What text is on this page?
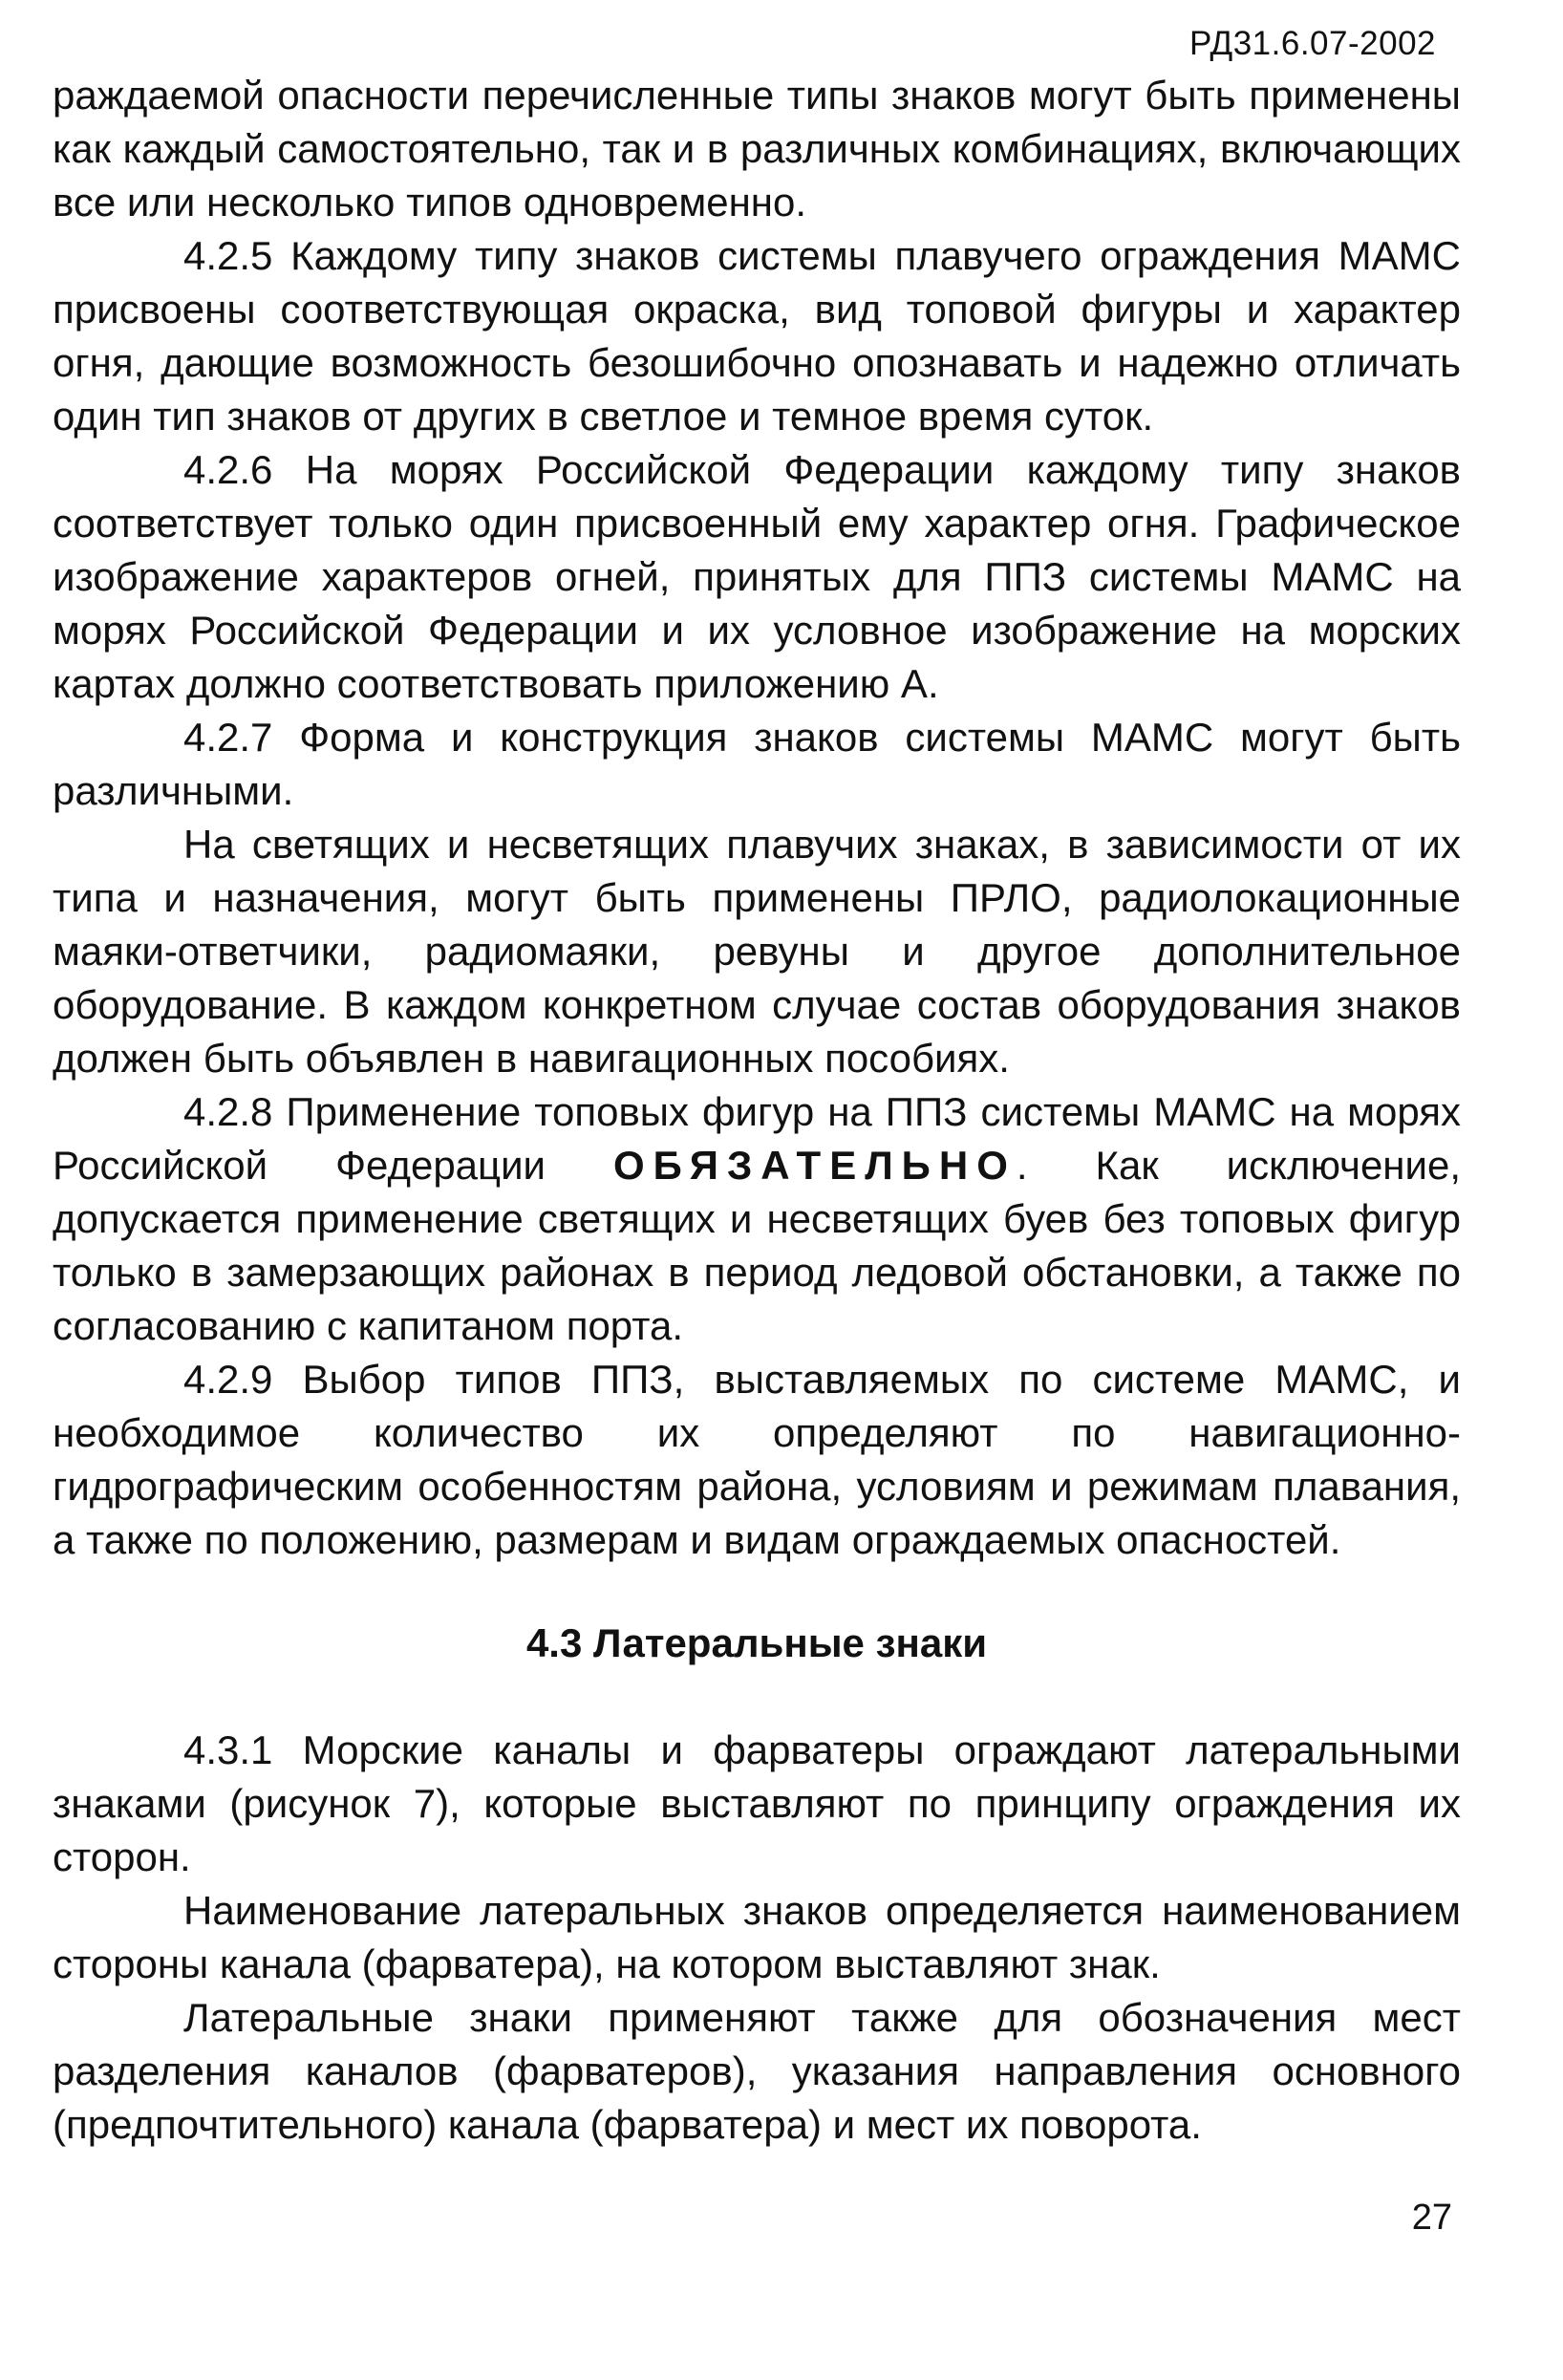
РД31.6.07-2002

раждаемой опасности перечисленные типы знаков могут быть применены как каждый самостоятельно, так и в различных комбинациях, включающих все или несколько типов одновременно.

4.2.5 Каждому типу знаков системы плавучего ограждения МАМС присвоены соответствующая окраска, вид топовой фигуры и характер огня, дающие возможность безошибочно опознавать и надежно отличать один тип знаков от других в светлое и темное время суток.

4.2.6 На морях Российской Федерации каждому типу знаков соответствует только один присвоенный ему характер огня. Графическое изображение характеров огней, принятых для ППЗ системы МАМС на морях Российской Федерации и их условное изображение на морских картах должно соответствовать приложению А.

4.2.7 Форма и конструкция знаков системы МАМС могут быть различными.

На светящих и несветящих плавучих знаках, в зависимости от их типа и назначения, могут быть применены ПРЛО, радиолокационные маяки-ответчики, радиомаяки, ревуны и другое дополнительное оборудование. В каждом конкретном случае состав оборудования знаков должен быть объявлен в навигационных пособиях.

4.2.8 Применение топовых фигур на ППЗ системы МАМС на морях Российской Федерации ОБЯЗАТЕЛЬНО. Как исключение, допускается применение светящих и несветящих буев без топовых фигур только в замерзающих районах в период ледовой обстановки, а также по согласованию с капитаном порта.

4.2.9 Выбор типов ППЗ, выставляемых по системе МАМС, и необходимое количество их определяют по навигационно-гидрографическим особенностям района, условиям и режимам плавания, а также по положению, размерам и видам ограждаемых опасностей.

4.3 Латеральные знаки

4.3.1 Морские каналы и фарватеры ограждают латеральными знаками (рисунок 7), которые выставляют по принципу ограждения их сторон.

Наименование латеральных знаков определяется наименованием стороны канала (фарватера), на котором выставляют знак.

Латеральные знаки применяют также для обозначения мест разделения каналов (фарватеров), указания направления основного (предпочтительного) канала (фарватера) и мест их поворота.

27
